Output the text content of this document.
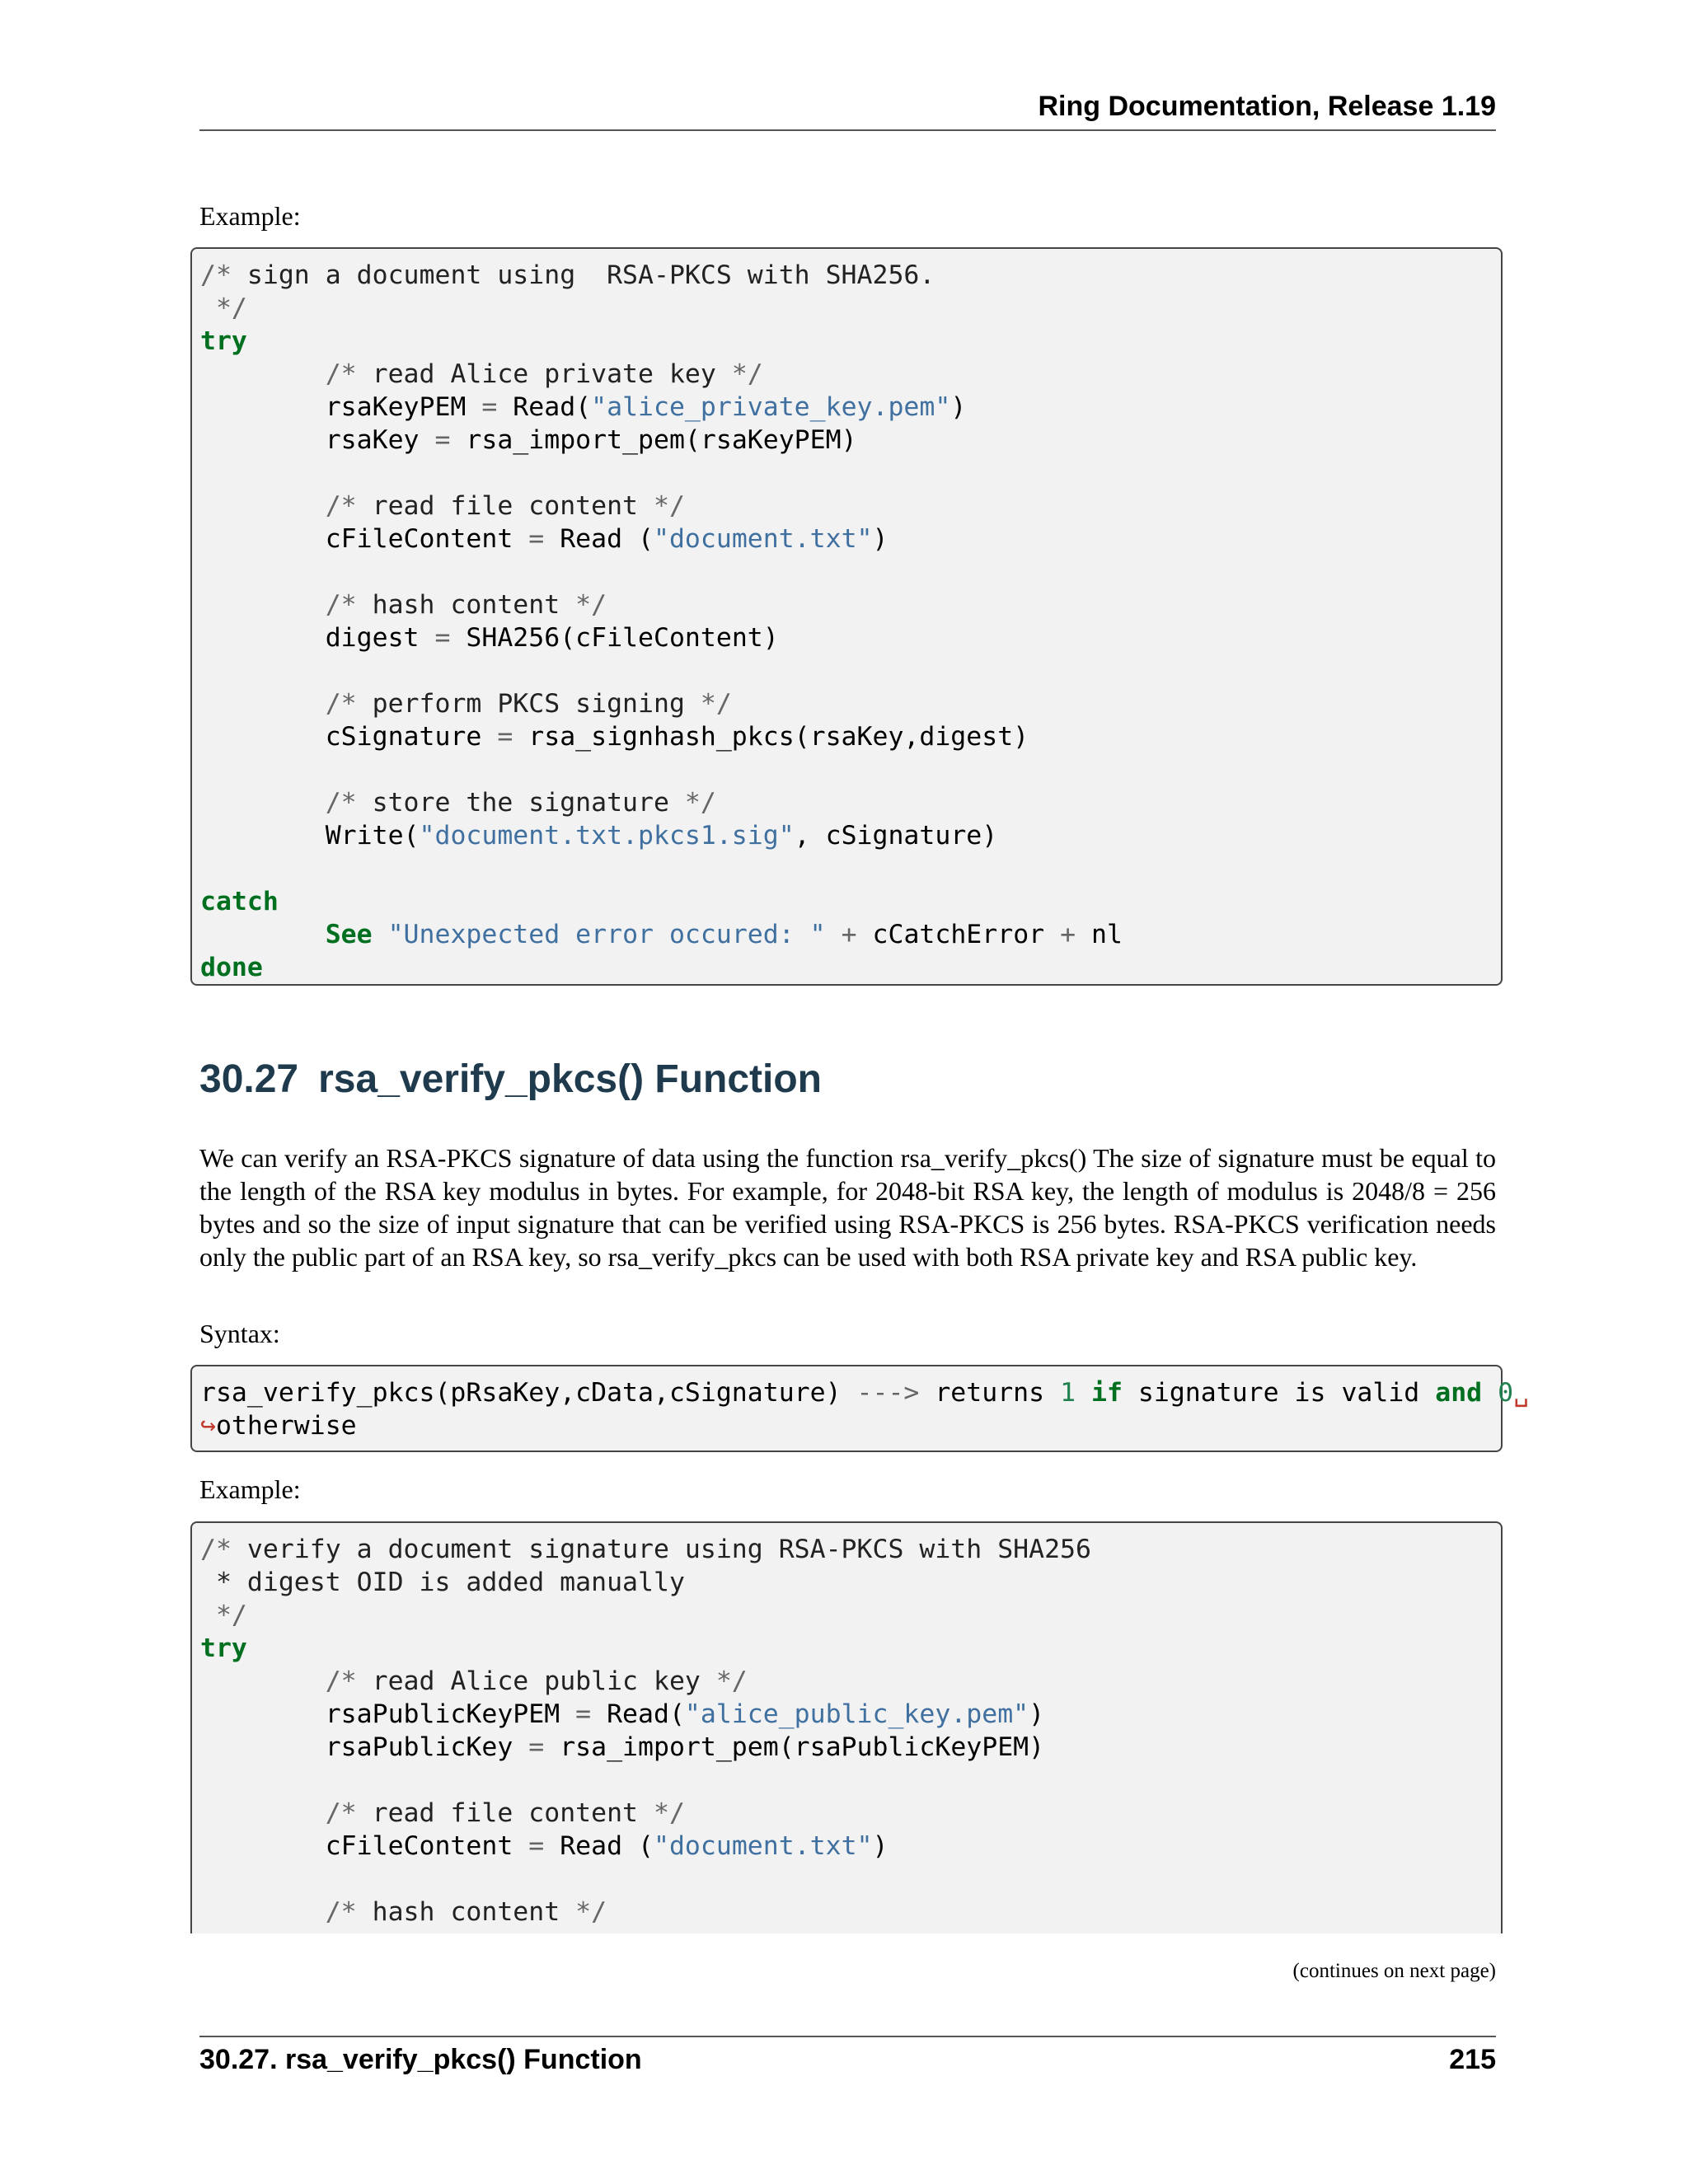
Ring Documentation, Release 1.19
Example:
/* sign a document using  RSA-PKCS with SHA256.
*/
try
/* read Alice private key */
rsaKeyPEM = Read("alice_private_key.pem")
rsaKey = rsa_import_pem(rsaKeyPEM)

/* read file content */
cFileContent = Read ("document.txt")

/* hash content */
digest = SHA256(cFileContent)

/* perform PKCS signing */
cSignature = rsa_signhash_pkcs(rsaKey,digest)

/* store the signature */
Write("document.txt.pkcs1.sig", cSignature)

catch
See "Unexpected error occured: " + cCatchError + nl
done
30.27 rsa_verify_pkcs() Function
We can verify an RSA-PKCS signature of data using the function rsa_verify_pkcs() The size of signature must be equal to the length of the RSA key modulus in bytes. For example, for 2048-bit RSA key, the length of modulus is 2048/8 = 256 bytes and so the size of input signature that can be verified using RSA-PKCS is 256 bytes. RSA-PKCS verification needs only the public part of an RSA key, so rsa_verify_pkcs can be used with both RSA private key and RSA public key.
Syntax:
rsa_verify_pkcs(pRsaKey,cData,cSignature) ---> returns 1 if signature is valid and 0␣
↪otherwise
Example:
/* verify a document signature using RSA-PKCS with SHA256
* digest OID is added manually
*/
try
/* read Alice public key */
rsaPublicKeyPEM = Read("alice_public_key.pem")
rsaPublicKey = rsa_import_pem(rsaPublicKeyPEM)

/* read file content */
cFileContent = Read ("document.txt")

/* hash content */
(continues on next page)
30.27. rsa_verify_pkcs() Function	215
